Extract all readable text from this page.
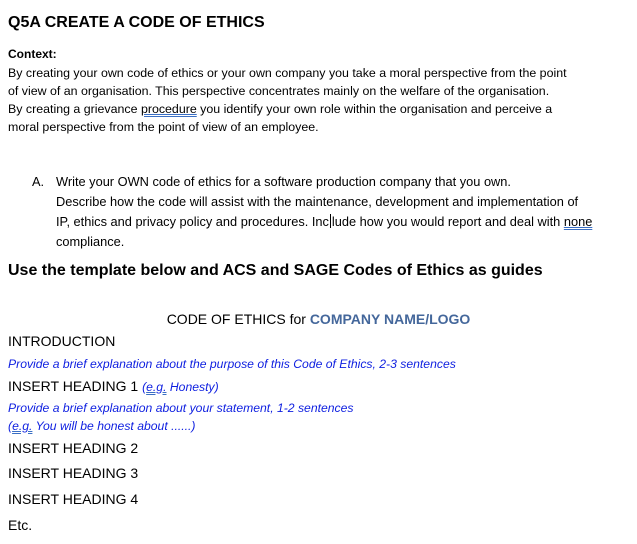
Q5A CREATE A CODE OF ETHICS
Context:

By creating your own code of ethics or your own company you take a moral perspective from the point

of view of an organisation. This perspective concentrates mainly on the welfare of the organisation.

By creating a grievance procedure you identify your own role within the organisation and perceive a

moral perspective from the point of view of an employee.

A. Write your OWN code of ethics for a software production company that you own.
Describe how the code will assist with the maintenance, development and implementation of
IP, ethics and privacy policy and procedures. Inc lude how you would report and deal with none
compliance.
Use the template below and ACS and SAGE Codes of Ethics as guides
CODE OF ETHICS for COMPANY NAME/LOGO
INTRODUCTION
Provide a brief explanation about the purpose of this Code of Ethics, 2-3 sentences
INSERT HEADING 1 (e.g. Honesty)
Provide a brief explanation about your statement, 1-2 sentences
(e.g. You will be honest about ......)
INSERT HEADING 2
INSERT HEADING 3
INSERT HEADING 4
Etc.
